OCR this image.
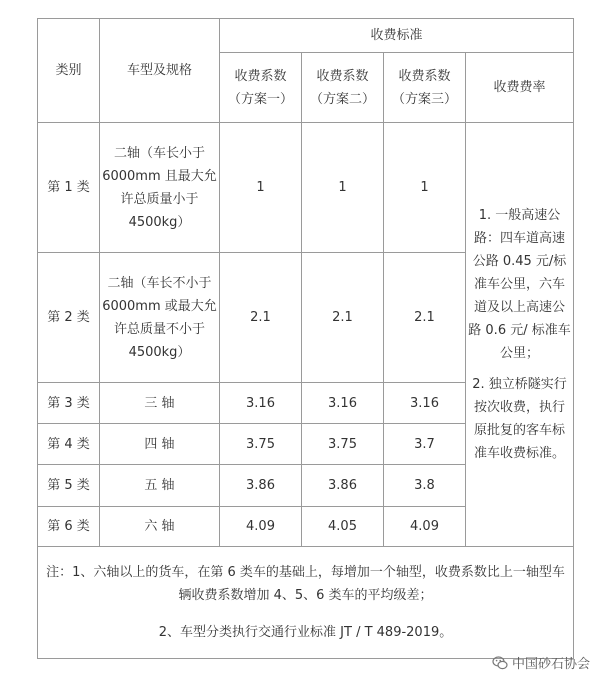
类别	车型及规格	收费标准			
		收费系数（方案一）	收费系数（方案二）	收费系数（方案三）	收费费率
第 1 类	二轴（车长小于 6000mm 且最大允许总质量小于 4500kg）	1	1	1	1. 一般高速公路：四车道高速公路 0.45 元/标准车公里，六车道及以上高速公路 0.6 元/ 标准车公里；
2. 独立桥隧实行按次收费，执行原批复的客车标准车收费标准。

第 2 类	二轴（车长不小于 6000mm 或最大允许总质量不小于 4500kg）	2.1	2.1	2.1	
第 3 类	三 轴	3.16	3.16	3.16	
第 4 类	四 轴	3.75	3.75	3.7	
第 5 类	五 轴	3.86	3.86	3.8	
第 6 类	六 轴	4.09	4.05	4.09	

注：1、六轴以上的货车，在第 6 类车的基础上，每增加一个轴型，收费系数比上一轴型车辆收费系数增加 4、5、6 类车的平均级差；
2、车型分类执行交通行业标准 JT / T 489-2019。					
中国砂石协会
